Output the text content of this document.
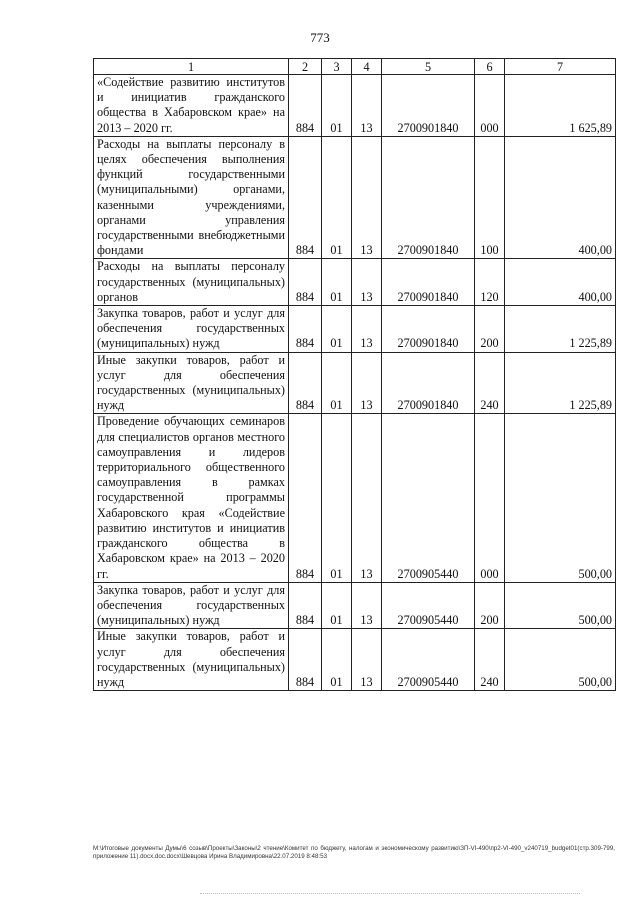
773
1	2	3	4	5	6	7
«Содействие развитию институтов и инициатив гражданского общества в Хабаровском крае» на 2013 – 2020 гг.	884	01	13	2700901840	000	1 625,89
Расходы на выплаты персоналу в целях обеспечения выполнения функций государственными (муниципальными) органами, казенными учреждениями, органами управления государственными внебюджетными фондами	884	01	13	2700901840	100	400,00
Расходы на выплаты персоналу государственных (муниципальных) органов	884	01	13	2700901840	120	400,00
Закупка товаров, работ и услуг для обеспечения государственных (муниципальных) нужд	884	01	13	2700901840	200	1 225,89
Иные закупки товаров, работ и услуг для обеспечения государственных (муниципальных) нужд	884	01	13	2700901840	240	1 225,89
Проведение обучающих семинаров для специалистов органов местного самоуправления и лидеров территориального общественного самоуправления в рамках государственной программы Хабаровского края «Содействие развитию институтов и инициатив гражданского общества в Хабаровском крае» на 2013 – 2020 гг.	884	01	13	2700905440	000	500,00
Закупка товаров, работ и услуг для обеспечения государственных (муниципальных) нужд	884	01	13	2700905440	200	500,00
Иные закупки товаров, работ и услуг для обеспечения государственных (муниципальных) нужд	884	01	13	2700905440	240	500,00
M:\Итоговые документы Думы\6 созыв\Проекты\Законы\2 чтение\Комитет по бюджету, налогам и экономическому развитию\ЗП-VI-490\пр2-VI-490_v240719_budget01(стр.309-799, приложение 11).docx.doc.docx\Шевцова Ирина Владимировна\22.07.2019 8:48:53
